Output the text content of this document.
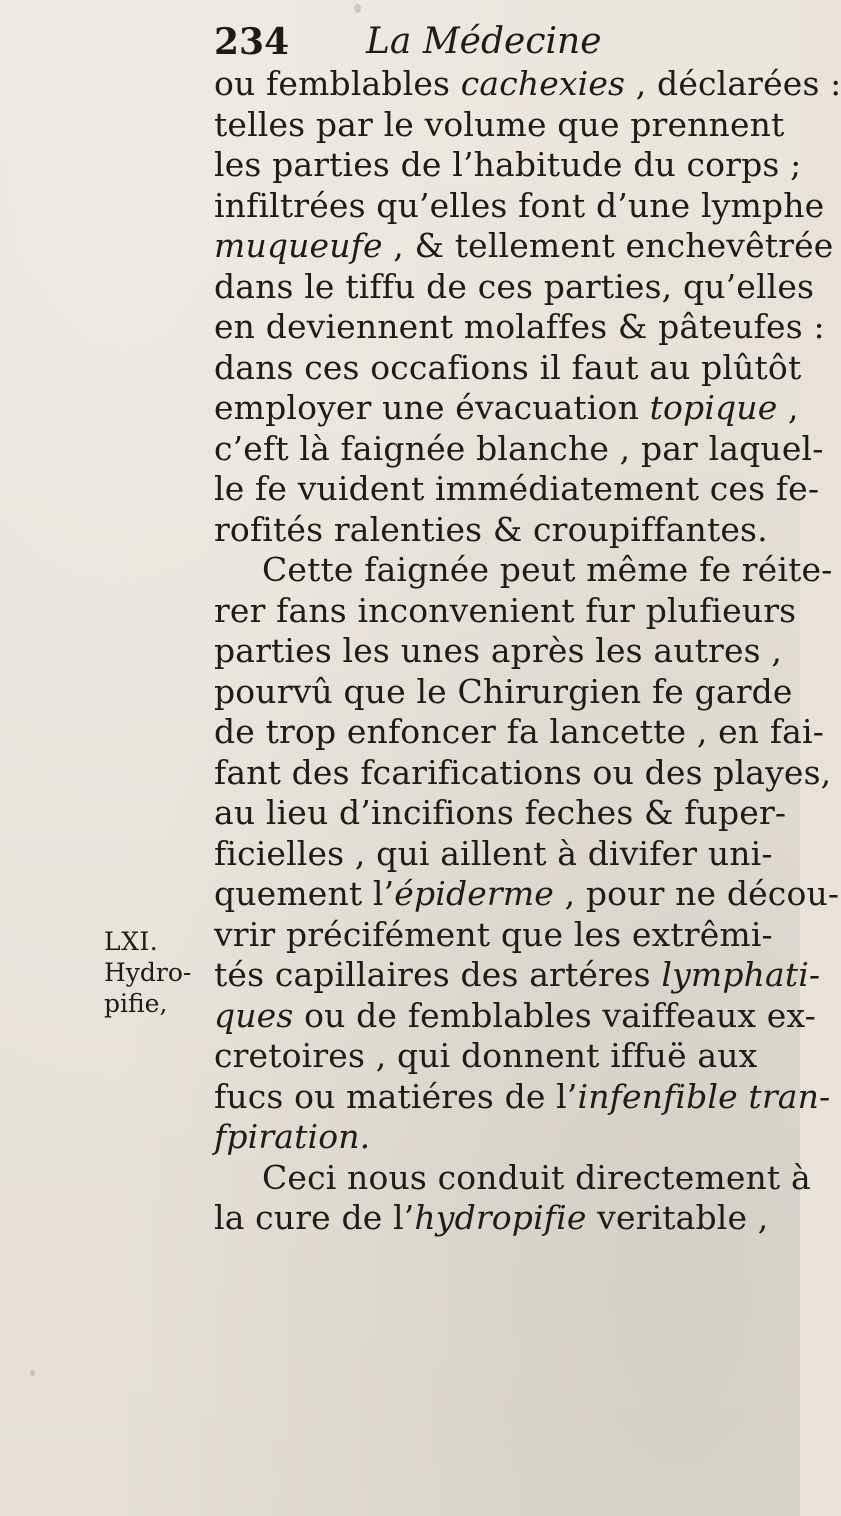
234 La Médecine
ou femblables cachexies , déclarées :
telles par le volume que prennent
les parties de l’habitude du corps ;
infiltrées qu’elles font d’une lymphe
muqueufe , & tellement enchevêtrée
dans le tiffu de ces parties, qu’elles
en deviennent molaffes & pâteufes :
dans ces occafions il faut au plûtôt
employer une évacuation topique ,
c’eft là faignée blanche , par laquel-
le fe vuident immédiatement ces fe-
rofités ralenties & croupiffantes.
Cette faignée peut même fe réite-
rer fans inconvenient fur plufieurs
parties les unes après les autres ,
pourvû que le Chirurgien fe garde
de trop enfoncer fa lancette , en fai-
fant des fcarifications ou des playes,
au lieu d’incifions feches & fuper-
ficielles , qui aillent à divifer uni-
quement l’épiderme , pour ne décou-
vrir précifément que les extrêmi-
tés capillaires des artéres lymphati-
ques ou de femblables vaiffeaux ex-
cretoires , qui donnent iffuë aux
fucs ou matiéres de l’infenfible tran-
fpiration.
Ceci nous conduit directement à
la cure de l’hydropifie veritable ,
LXI.
Hydro-
pifie,
